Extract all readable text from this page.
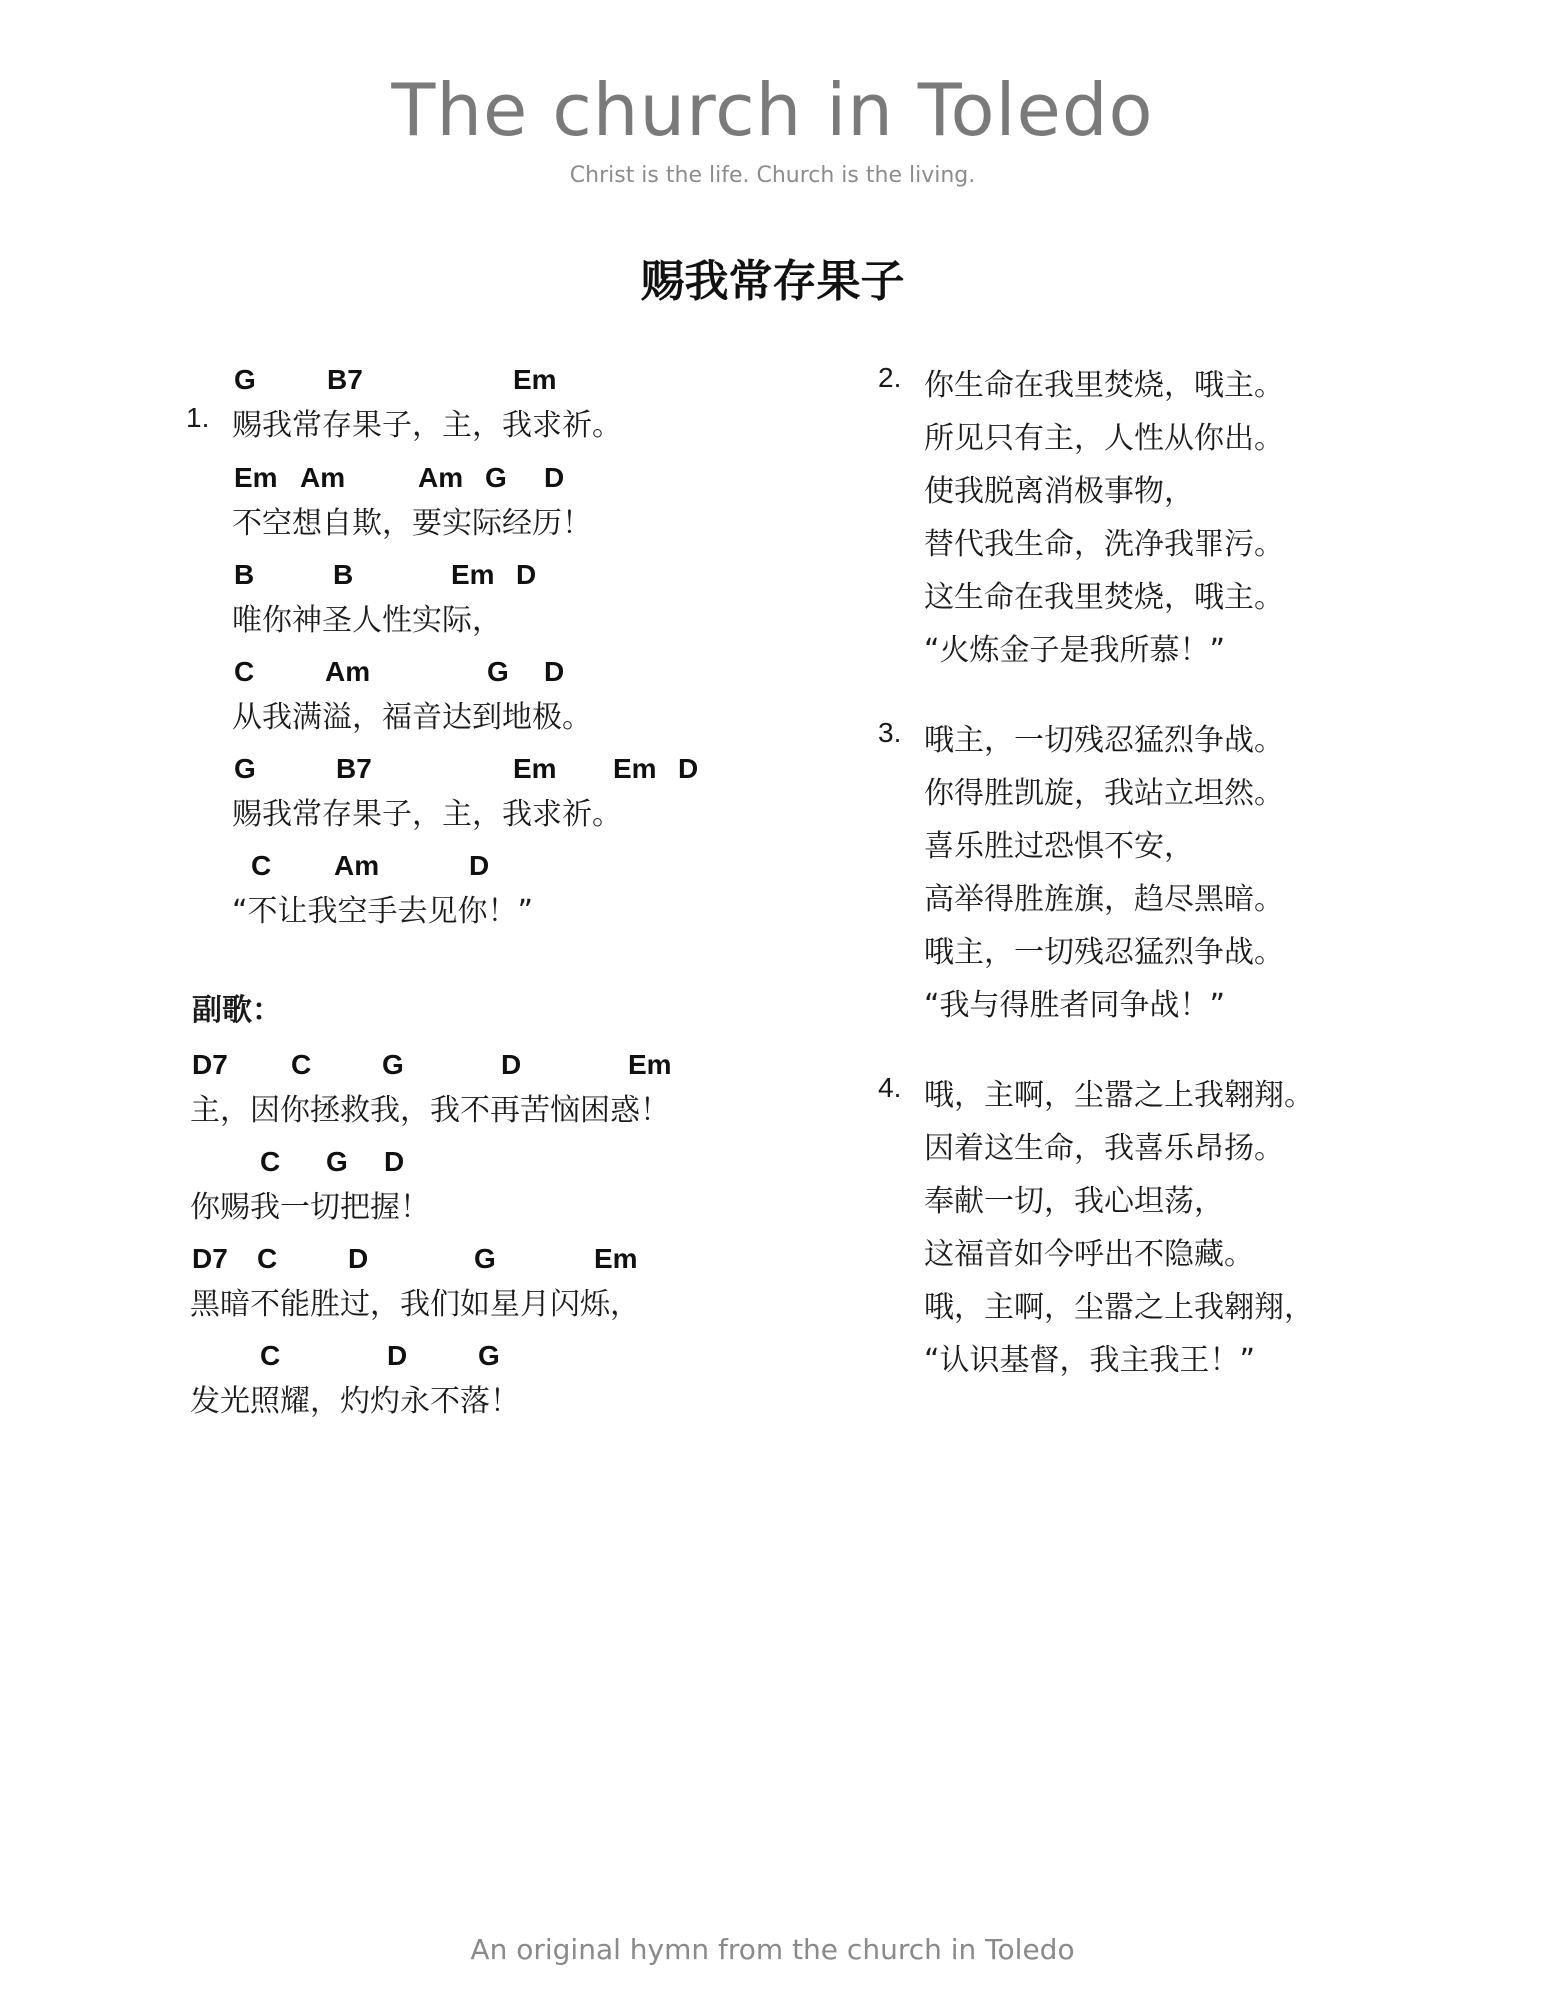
The church in Toledo
Christ is the life. Church is the living.
赐我常存果子
1.
G	B7	Em
赐我常存果子，主，我求祈。
Em Am	Am G D
不空想自欺，要实际经历！
B	B	Em D
唯你神圣人性实际，
C	Am	G D
从我满溢，福音达到地极。
G	B7	Em Em D
赐我常存果子，主，我求祈。
C Am	D
“不让我空手去见你！”
副歌：
D7 C	G	D	Em
主，因你拯救我，我不再苦恼困惑！
C G D
你赐我一切把握！
D7 C	D	G	Em
黑暗不能胜过，我们如星月闪烁，
C	D	G
发光照耀，灼灼永不落！
2. 你生命在我里焚烧，哦主。
所见只有主，人性从你出。
使我脱离消极事物，
替代我生命，洗净我罪污。
这生命在我里焚烧，哦主。
“火炼金子是我所慕！”
3. 哦主，一切残忍猛烈争战。
你得胜凯旋，我站立坦然。
喜乐胜过恐惧不安，
高举得胜旌旗，趋尽黑暗。
哦主，一切残忍猛烈争战。
“我与得胜者同争战！”
4. 哦，主啊，尘嚣之上我翱翔。
因着这生命，我喜乐昂扬。
奉献一切，我心坦荡，
这福音如今呼出不隐藏。
哦，主啊，尘嚣之上我翱翔，
“认识基督，我主我王！”
An original hymn from the church in Toledo
